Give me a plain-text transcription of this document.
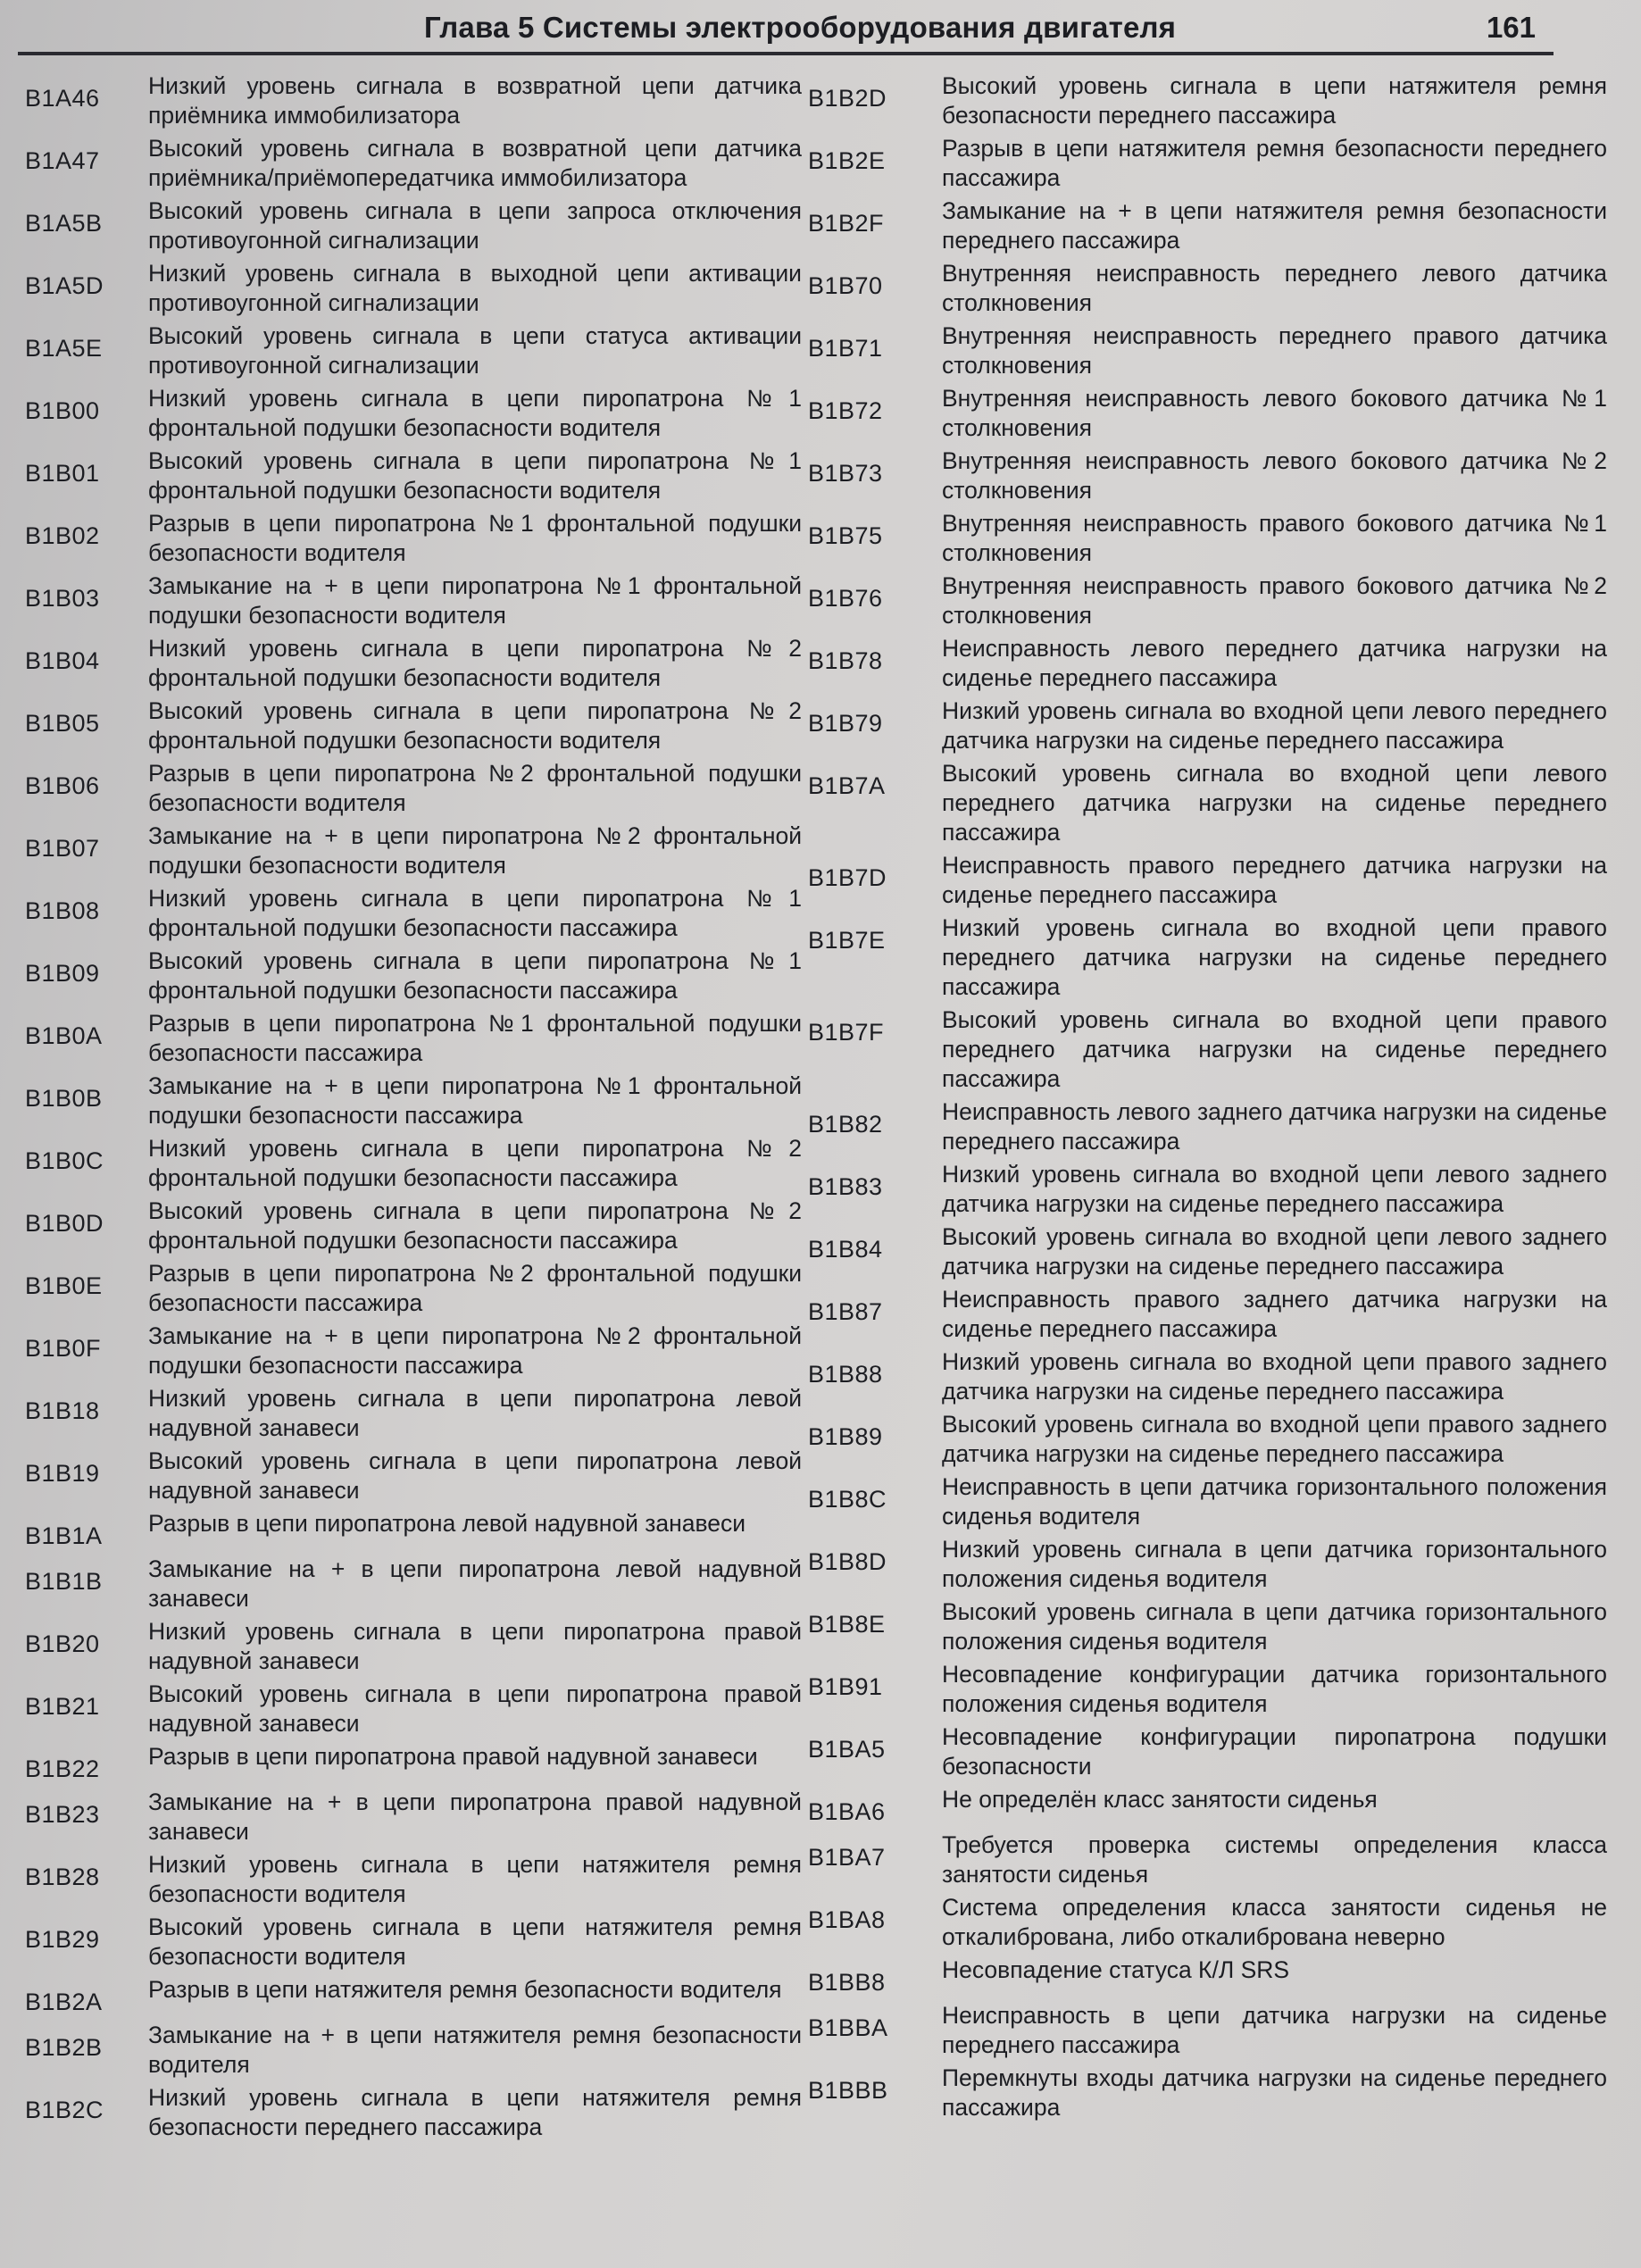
Глава 5 Системы электрооборудования двигателя	161
B1A46	Низкий уровень сигнала в возвратной цепи датчика приёмника иммобилизатора
B1A47	Высокий уровень сигнала в возвратной цепи датчика приёмника/приёмопередатчика иммобилизатора
B1A5B	Высокий уровень сигнала в цепи запроса отключения противоугонной сигнализации
B1A5D	Низкий уровень сигнала в выходной цепи активации противоугонной сигнализации
B1A5E	Высокий уровень сигнала в цепи статуса активации противоугонной сигнализации
B1B00	Низкий уровень сигнала в цепи пиропатрона №1 фронтальной подушки безопасности водителя
B1B01	Высокий уровень сигнала в цепи пиропатрона №1 фронтальной подушки безопасности водителя
B1B02	Разрыв в цепи пиропатрона №1 фронтальной подушки безопасности водителя
B1B03	Замыкание на + в цепи пиропатрона №1 фронтальной подушки безопасности водителя
B1B04	Низкий уровень сигнала в цепи пиропатрона №2 фронтальной подушки безопасности водителя
B1B05	Высокий уровень сигнала в цепи пиропатрона №2 фронтальной подушки безопасности водителя
B1B06	Разрыв в цепи пиропатрона №2 фронтальной подушки безопасности водителя
B1B07	Замыкание на + в цепи пиропатрона №2 фронтальной подушки безопасности водителя
B1B08	Низкий уровень сигнала в цепи пиропатрона №1 фронтальной подушки безопасности пассажира
B1B09	Высокий уровень сигнала в цепи пиропатрона №1 фронтальной подушки безопасности пассажира
B1B0A	Разрыв в цепи пиропатрона №1 фронтальной подушки безопасности пассажира
B1B0B	Замыкание на + в цепи пиропатрона №1 фронтальной подушки безопасности пассажира
B1B0C	Низкий уровень сигнала в цепи пиропатрона №2 фронтальной подушки безопасности пассажира
B1B0D	Высокий уровень сигнала в цепи пиропатрона №2 фронтальной подушки безопасности пассажира
B1B0E	Разрыв в цепи пиропатрона №2 фронтальной подушки безопасности пассажира
B1B0F	Замыкание на + в цепи пиропатрона №2 фронтальной подушки безопасности пассажира
B1B18	Низкий уровень сигнала в цепи пиропатрона левой надувной занавеси
B1B19	Высокий уровень сигнала в цепи пиропатрона левой надувной занавеси
B1B1A	Разрыв в цепи пиропатрона левой надувной занавеси
B1B1B	Замыкание на + в цепи пиропатрона левой надувной занавеси
B1B20	Низкий уровень сигнала в цепи пиропатрона правой надувной занавеси
B1B21	Высокий уровень сигнала в цепи пиропатрона правой надувной занавеси
B1B22	Разрыв в цепи пиропатрона правой надувной занавеси
B1B23	Замыкание на + в цепи пиропатрона правой надувной занавеси
B1B28	Низкий уровень сигнала в цепи натяжителя ремня безопасности водителя
B1B29	Высокий уровень сигнала в цепи натяжителя ремня безопасности водителя
B1B2A	Разрыв в цепи натяжителя ремня безопасности водителя
B1B2B	Замыкание на + в цепи натяжителя ремня безопасности водителя
B1B2C	Низкий уровень сигнала в цепи натяжителя ремня безопасности переднего пассажира
B1B2D	Высокий уровень сигнала в цепи натяжителя ремня безопасности переднего пассажира
B1B2E	Разрыв в цепи натяжителя ремня безопасности переднего пассажира
B1B2F	Замыкание на + в цепи натяжителя ремня безопасности переднего пассажира
B1B70	Внутренняя неисправность переднего левого датчика столкновения
B1B71	Внутренняя неисправность переднего правого датчика столкновения
B1B72	Внутренняя неисправность левого бокового датчика №1 столкновения
B1B73	Внутренняя неисправность левого бокового датчика №2 столкновения
B1B75	Внутренняя неисправность правого бокового датчика №1 столкновения
B1B76	Внутренняя неисправность правого бокового датчика №2 столкновения
B1B78	Неисправность левого переднего датчика нагрузки на сиденье переднего пассажира
B1B79	Низкий уровень сигнала во входной цепи левого переднего датчика нагрузки на сиденье переднего пассажира
B1B7A	Высокий уровень сигнала во входной цепи левого переднего датчика нагрузки на сиденье переднего пассажира
B1B7D	Неисправность правого переднего датчика нагрузки на сиденье переднего пассажира
B1B7E	Низкий уровень сигнала во входной цепи правого переднего датчика нагрузки на сиденье переднего пассажира
B1B7F	Высокий уровень сигнала во входной цепи правого переднего датчика нагрузки на сиденье переднего пассажира
B1B82	Неисправность левого заднего датчика нагрузки на сиденье переднего пассажира
B1B83	Низкий уровень сигнала во входной цепи левого заднего датчика нагрузки на сиденье переднего пассажира
B1B84	Высокий уровень сигнала во входной цепи левого заднего датчика нагрузки на сиденье переднего пассажира
B1B87	Неисправность правого заднего датчика нагрузки на сиденье переднего пассажира
B1B88	Низкий уровень сигнала во входной цепи правого заднего датчика нагрузки на сиденье переднего пассажира
B1B89	Высокий уровень сигнала во входной цепи правого заднего датчика нагрузки на сиденье переднего пассажира
B1B8C	Неисправность в цепи датчика горизонтального положения сиденья водителя
B1B8D	Низкий уровень сигнала в цепи датчика горизонтального положения сиденья водителя
B1B8E	Высокий уровень сигнала в цепи датчика горизонтального положения сиденья водителя
B1B91	Несовпадение конфигурации датчика горизонтального положения сиденья водителя
B1BA5	Несовпадение конфигурации пиропатрона подушки безопасности
B1BA6	Не определён класс занятости сиденья
B1BA7	Требуется проверка системы определения класса занятости сиденья
B1BA8	Система определения класса занятости сиденья не откалиброванa, либо откалиброванa неверно
B1BB8	Несовпадение статуса К/Л SRS
B1BBA	Неисправность в цепи датчика нагрузки на сиденье переднего пассажира
B1BBB	Перемкнуты входы датчика нагрузки на сиденье переднего пассажира
